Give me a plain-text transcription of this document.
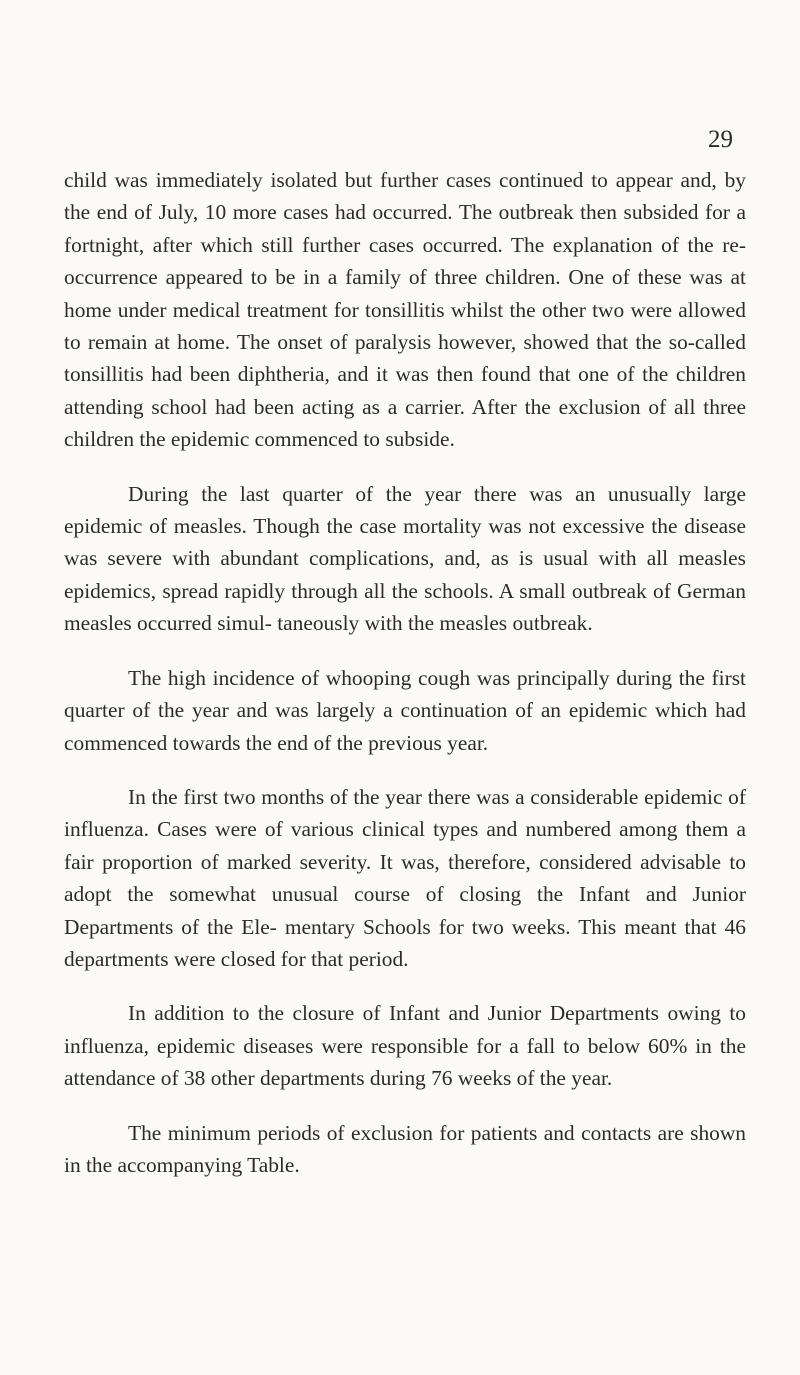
29

child was immediately isolated but further cases continued to appear and, by the end of July, 10 more cases had occurred. The outbreak then subsided for a fortnight, after which still further cases occurred. The explanation of the re-occurrence appeared to be in a family of three children. One of these was at home under medical treatment for tonsillitis whilst the other two were allowed to remain at home. The onset of paralysis however, showed that the so-called tonsillitis had been diphtheria, and it was then found that one of the children attending school had been acting as a carrier. After the exclusion of all three children the epidemic commenced to subside.

During the last quarter of the year there was an unusually large epidemic of measles. Though the case mortality was not excessive the disease was severe with abundant complications, and, as is usual with all measles epidemics, spread rapidly through all the schools. A small outbreak of German measles occurred simul- taneously with the measles outbreak.

The high incidence of whooping cough was principally during the first quarter of the year and was largely a continuation of an epidemic which had commenced towards the end of the previous year.

In the first two months of the year there was a considerable epidemic of influenza. Cases were of various clinical types and numbered among them a fair proportion of marked severity. It was, therefore, considered advisable to adopt the somewhat unusual course of closing the Infant and Junior Departments of the Ele- mentary Schools for two weeks. This meant that 46 departments were closed for that period.

In addition to the closure of Infant and Junior Departments owing to influenza, epidemic diseases were responsible for a fall to below 60% in the attendance of 38 other departments during 76 weeks of the year.

The minimum periods of exclusion for patients and contacts are shown in the accompanying Table.
